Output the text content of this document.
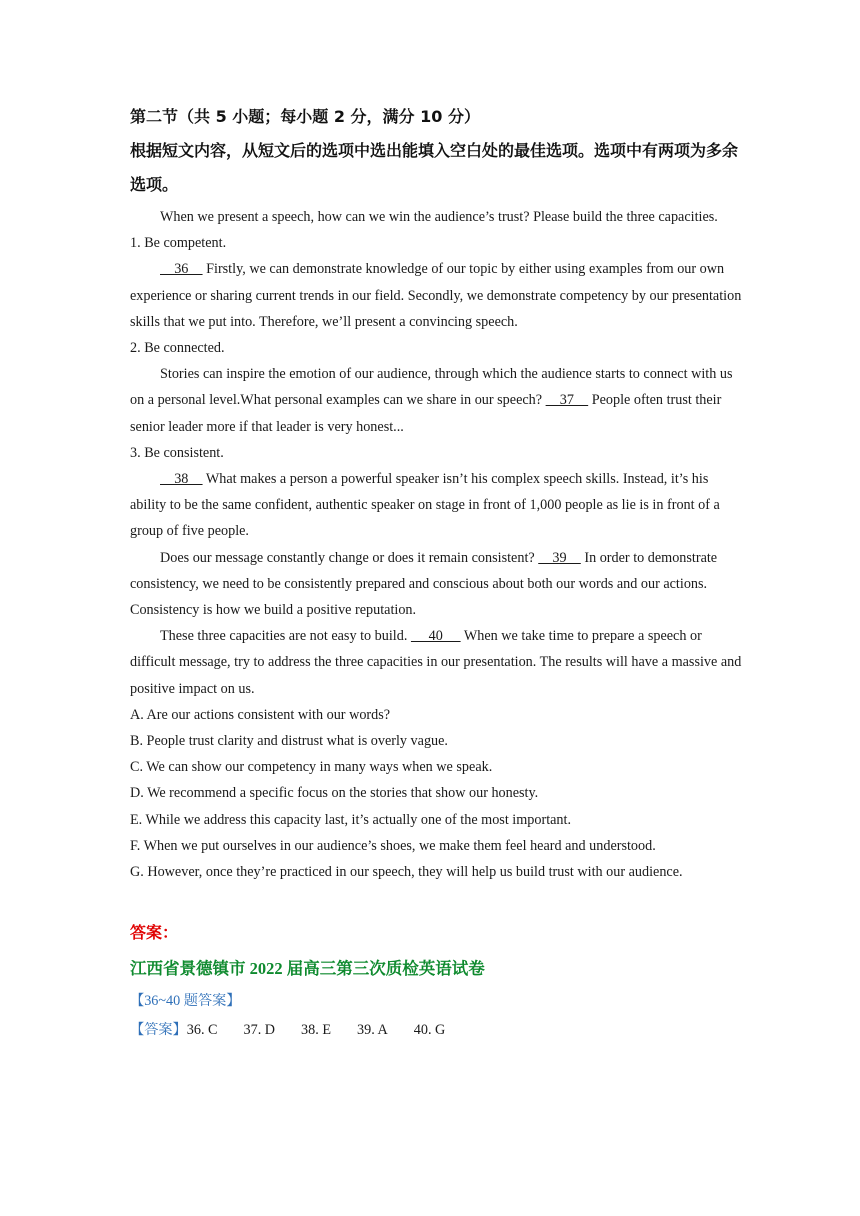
第二节（共 5 小题；每小题 2 分，满分 10 分）
根据短文内容，从短文后的选项中选出能填入空白处的最佳选项。选项中有两项为多余选项。

When we present a speech, how can we win the audience’s trust? Please build the three capacities.

1. Be competent.

36     Firstly, we can demonstrate knowledge of our topic by either using examples from our own experience or sharing current trends in our field. Secondly, we demonstrate competency by our presentation skills that we put into. Therefore, we’ll present a convincing speech.

2. Be connected.

Stories can inspire the emotion of our audience, through which the audience starts to connect with us on a personal level.What personal examples can we share in our speech?     37     People often trust their senior leader more if that leader is very honest...

3. Be consistent.

38     What makes a person a powerful speaker isn’t his complex speech skills. Instead, it’s his ability to be the same confident, authentic speaker on stage in front of 1,000 people as lie is in front of a group of five people.

Does our message constantly change or does it remain consistent?     39     In order to demonstrate consistency, we need to be consistently prepared and conscious about both our words and our actions. Consistency is how we build a positive reputation.

These three capacities are not easy to build.      40      When we take time to prepare a speech or difficult message, try to address the three capacities in our presentation. The results will have a massive and positive impact on us.

A. Are our actions consistent with our words?

B. People trust clarity and distrust what is overly vague.

C. We can show our competency in many ways when we speak.

D. We recommend a specific focus on the stories that show our honesty.

E. While we address this capacity last, it’s actually one of the most important.

F. When we put ourselves in our audience’s shoes, we make them feel heard and understood.

G. However, once they’re practiced in our speech, they will help us build trust with our audience.

答案：
江西省景德镇市 2022 届高三第三次质检英语试卷
【36~40 题答案】
【答案】36. C 37. D 38. E 39. A 40. G
